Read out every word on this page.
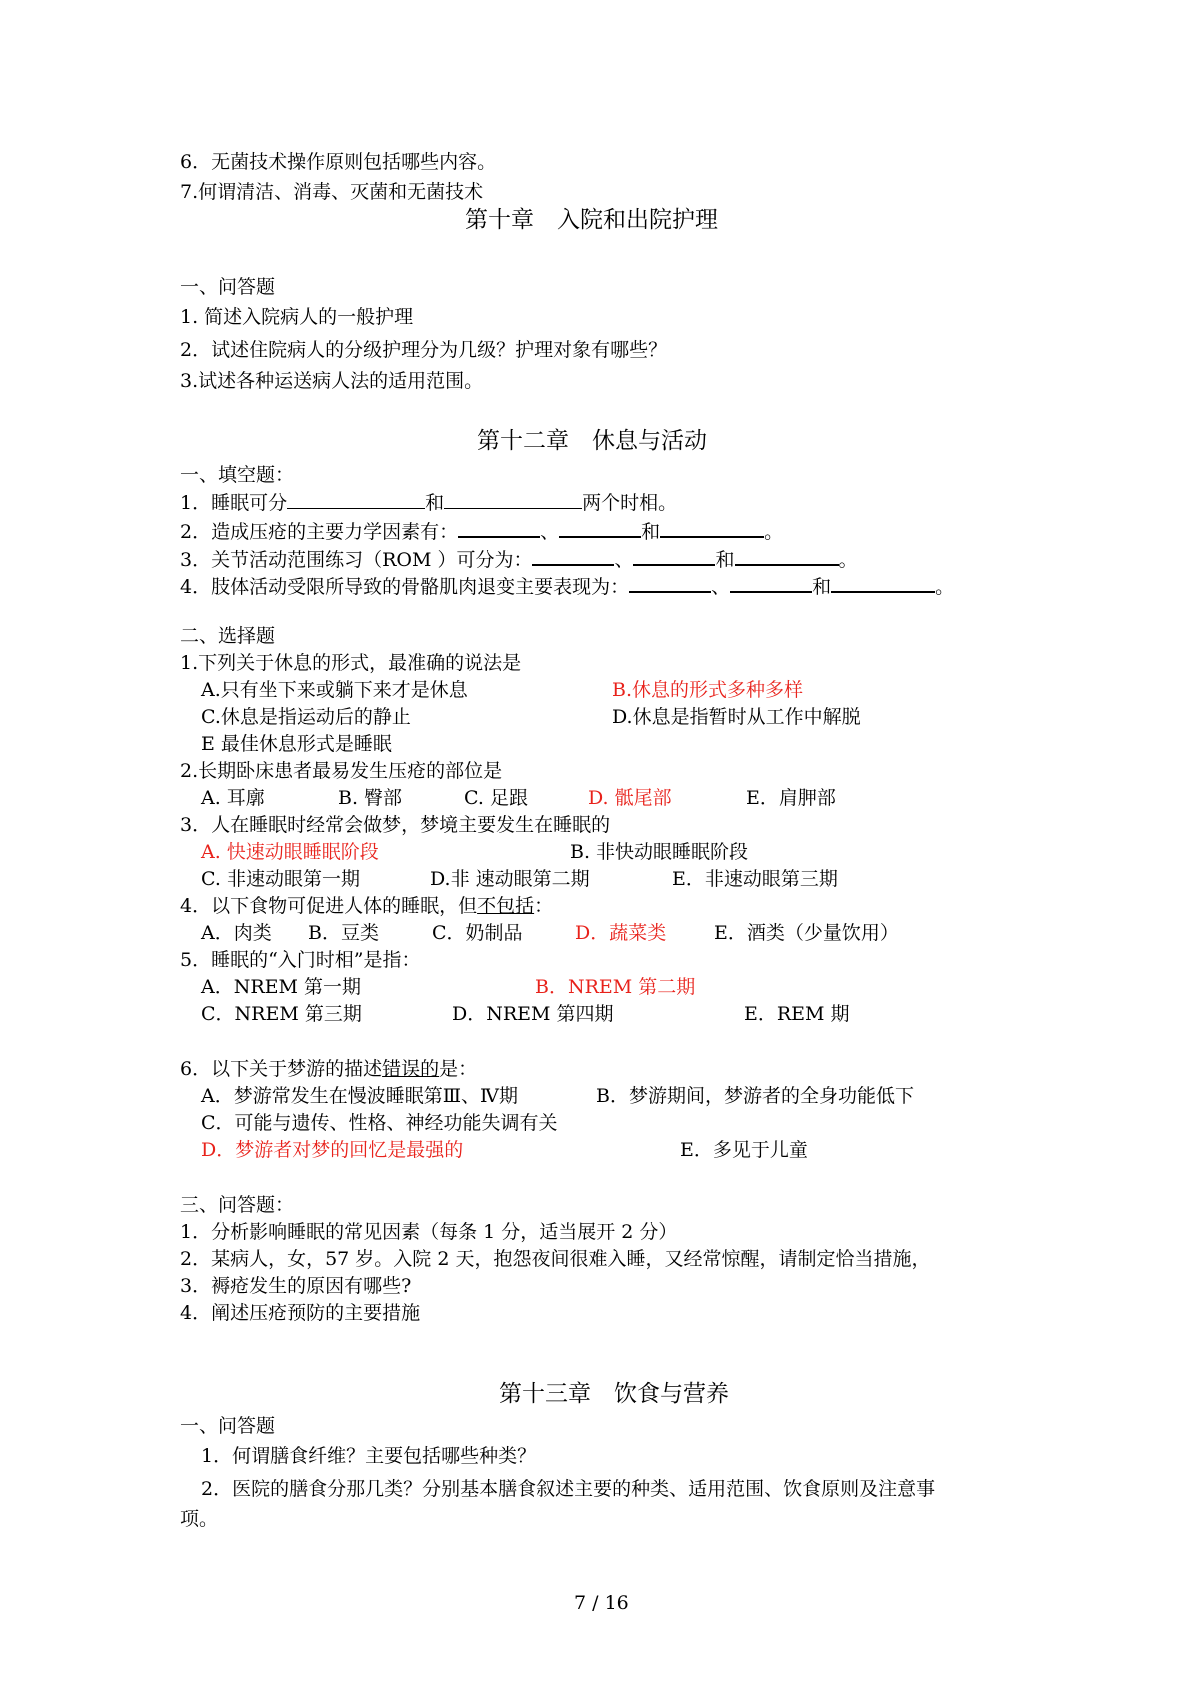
6．无菌技术操作原则包括哪些内容。

7.何谓清洁、消毒、灭菌和无菌技术

第十章　入院和出院护理

一、问答题

1. 简述入院病人的一般护理

2．试述住院病人的分级护理分为几级？护理对象有哪些？

3.试述各种运送病人法的适用范围。

第十二章　休息与活动

一、填空题：

1．睡眠可分	和	两个时相。

2．造成压疮的主要力学因素有：	、	和	。

3．关节活动范围练习（ROM ）可分为：	、	和	。

4．肢体活动受限所导致的骨骼肌肉退变主要表现为：	、	和	。

二、选择题

1.下列关于休息的形式，最准确的说法是

A.只有坐下来或躺下来才是休息	B.休息的形式多种多样

C.休息是指运动后的静止	D.休息是指暂时从工作中解脱

E 最佳休息形式是睡眠

2.长期卧床患者最易发生压疮的部位是

A. 耳廓	B. 臀部	C. 足跟	D. 骶尾部	E．肩胛部

3．人在睡眠时经常会做梦，梦境主要发生在睡眠的

A. 快速动眼睡眠阶段	B. 非快动眼睡眠阶段

C. 非速动眼第一期	D.非 速动眼第二期	E．非速动眼第三期

4．以下食物可促进人体的睡眠，但不包括：

A．肉类 B．豆类	C．奶制品	D．蔬菜类	E．酒类（少量饮用）

5．睡眠的“入门时相”是指：

A．NREM 第一期	B．NREM 第二期

C．NREM 第三期	D．NREM 第四期	E．REM 期

6．以下关于梦游的描述错误的是：

A．梦游常发生在慢波睡眠第Ⅲ、Ⅳ期	B．梦游期间，梦游者的全身功能低下

C．可能与遗传、性格、神经功能失调有关

D．梦游者对梦的回忆是最强的	E．多见于儿童

三、问答题：

1．分析影响睡眠的常见因素（每条 1 分，适当展开 2 分）

2．某病人，女，57 岁。入院 2 天，抱怨夜间很难入睡，又经常惊醒，请制定恰当措施，

3．褥疮发生的原因有哪些?

4．阐述压疮预防的主要措施

第十三章　饮食与营养

一、问答题

1．何谓膳食纤维？主要包括哪些种类？

2．医院的膳食分那几类？分别基本膳食叙述主要的种类、适用范围、饮食原则及注意事

项。

7 / 16
